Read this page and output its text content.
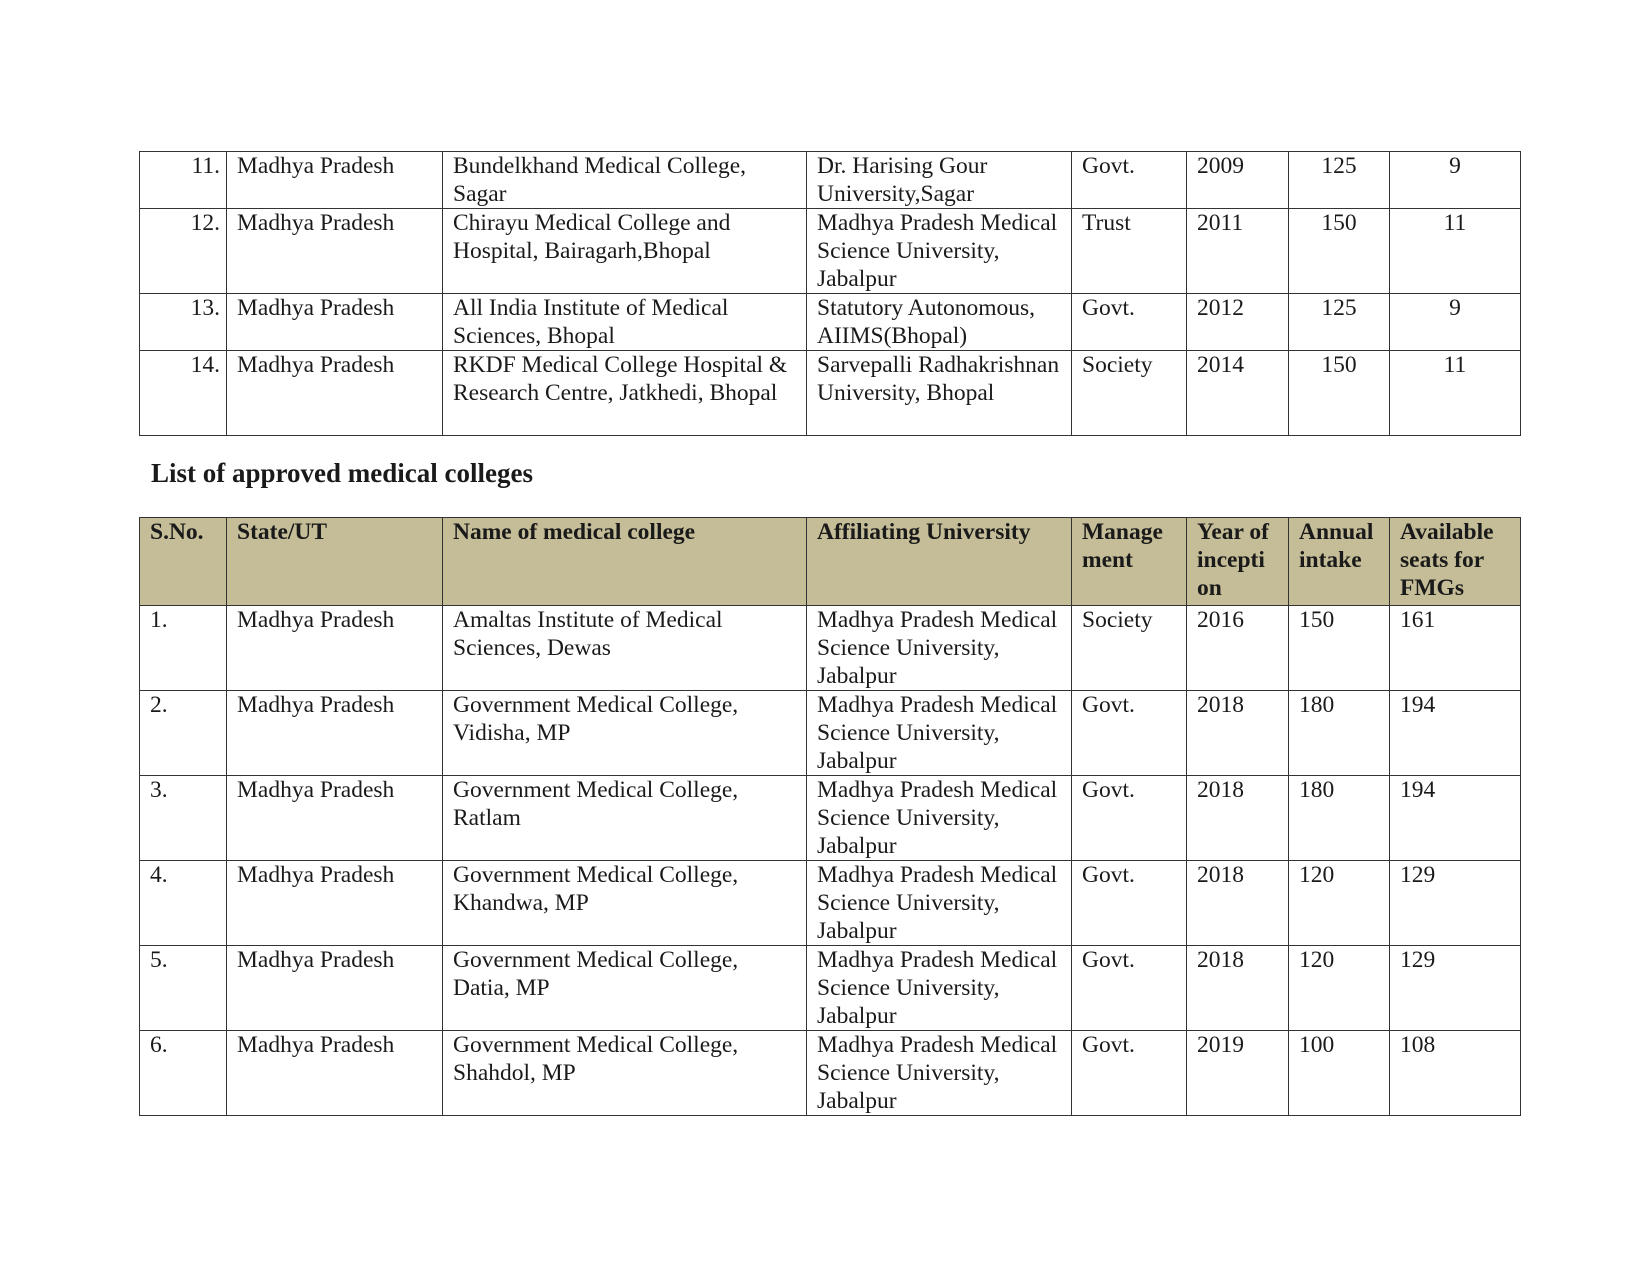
11.	Madhya Pradesh	Bundelkhand Medical College, Sagar	Dr. Harising Gour University,Sagar	Govt.	2009	125	9
12.	Madhya Pradesh	Chirayu Medical College and Hospital, Bairagarh,Bhopal	Madhya Pradesh Medical Science University, Jabalpur	Trust	2011	150	11
13.	Madhya Pradesh	All India Institute of Medical Sciences, Bhopal	Statutory Autonomous, AIIMS(Bhopal)	Govt.	2012	125	9
14.	Madhya Pradesh	RKDF Medical College Hospital & Research Centre, Jatkhedi, Bhopal	Sarvepalli Radhakrishnan University, Bhopal	Society	2014	150	11
List of approved medical colleges
S.No.	State/UT	Name of medical college	Affiliating University	Manage ment	Year of incepti on	Annual intake	Available seats for FMGs
1.	Madhya Pradesh	Amaltas Institute of Medical Sciences, Dewas	Madhya Pradesh Medical Science University, Jabalpur	Society	2016	150	161
2.	Madhya Pradesh	Government Medical College, Vidisha, MP	Madhya Pradesh Medical Science University, Jabalpur	Govt.	2018	180	194
3.	Madhya Pradesh	Government Medical College, Ratlam	Madhya Pradesh Medical Science University, Jabalpur	Govt.	2018	180	194
4.	Madhya Pradesh	Government Medical College, Khandwa, MP	Madhya Pradesh Medical Science University, Jabalpur	Govt.	2018	120	129
5.	Madhya Pradesh	Government Medical College, Datia, MP	Madhya Pradesh Medical Science University, Jabalpur	Govt.	2018	120	129
6.	Madhya Pradesh	Government Medical College, Shahdol, MP	Madhya Pradesh Medical Science University, Jabalpur	Govt.	2019	100	108
